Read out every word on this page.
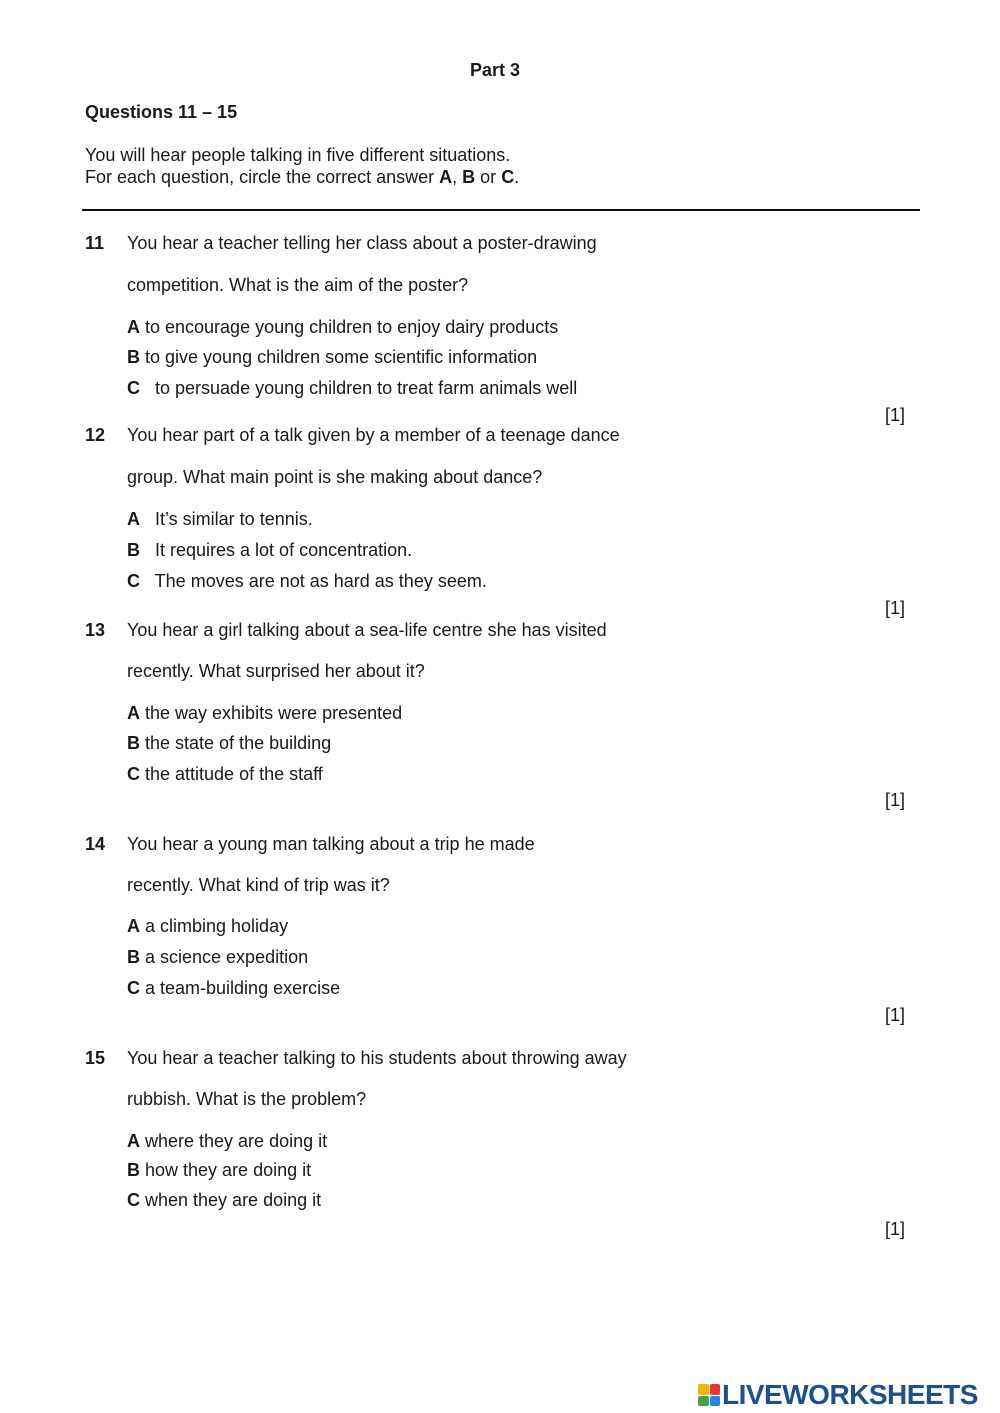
Part 3
Questions 11 – 15
You will hear people talking in five different situations.
For each question, circle the correct answer A, B or C.
11 You hear a teacher telling her class about a poster-drawing
competition. What is the aim of the poster?
A to encourage young children to enjoy dairy products
B to give young children some scientific information
C   to persuade young children to treat farm animals well
[1]
12 You hear part of a talk given by a member of a teenage dance
group. What main point is she making about dance?
A   It’s similar to tennis.
B   It requires a lot of concentration.
C   The moves are not as hard as they seem.
[1]
13 You hear a girl talking about a sea-life centre she has visited
recently. What surprised her about it?
A the way exhibits were presented
B the state of the building
C the attitude of the staff
[1]
14 You hear a young man talking about a trip he made
recently. What kind of trip was it?
A a climbing holiday
B a science expedition
C a team-building exercise
[1]
15 You hear a teacher talking to his students about throwing away
rubbish. What is the problem?
A where they are doing it
B how they are doing it
C when they are doing it
[1]
LIVEWORKSHEETS
